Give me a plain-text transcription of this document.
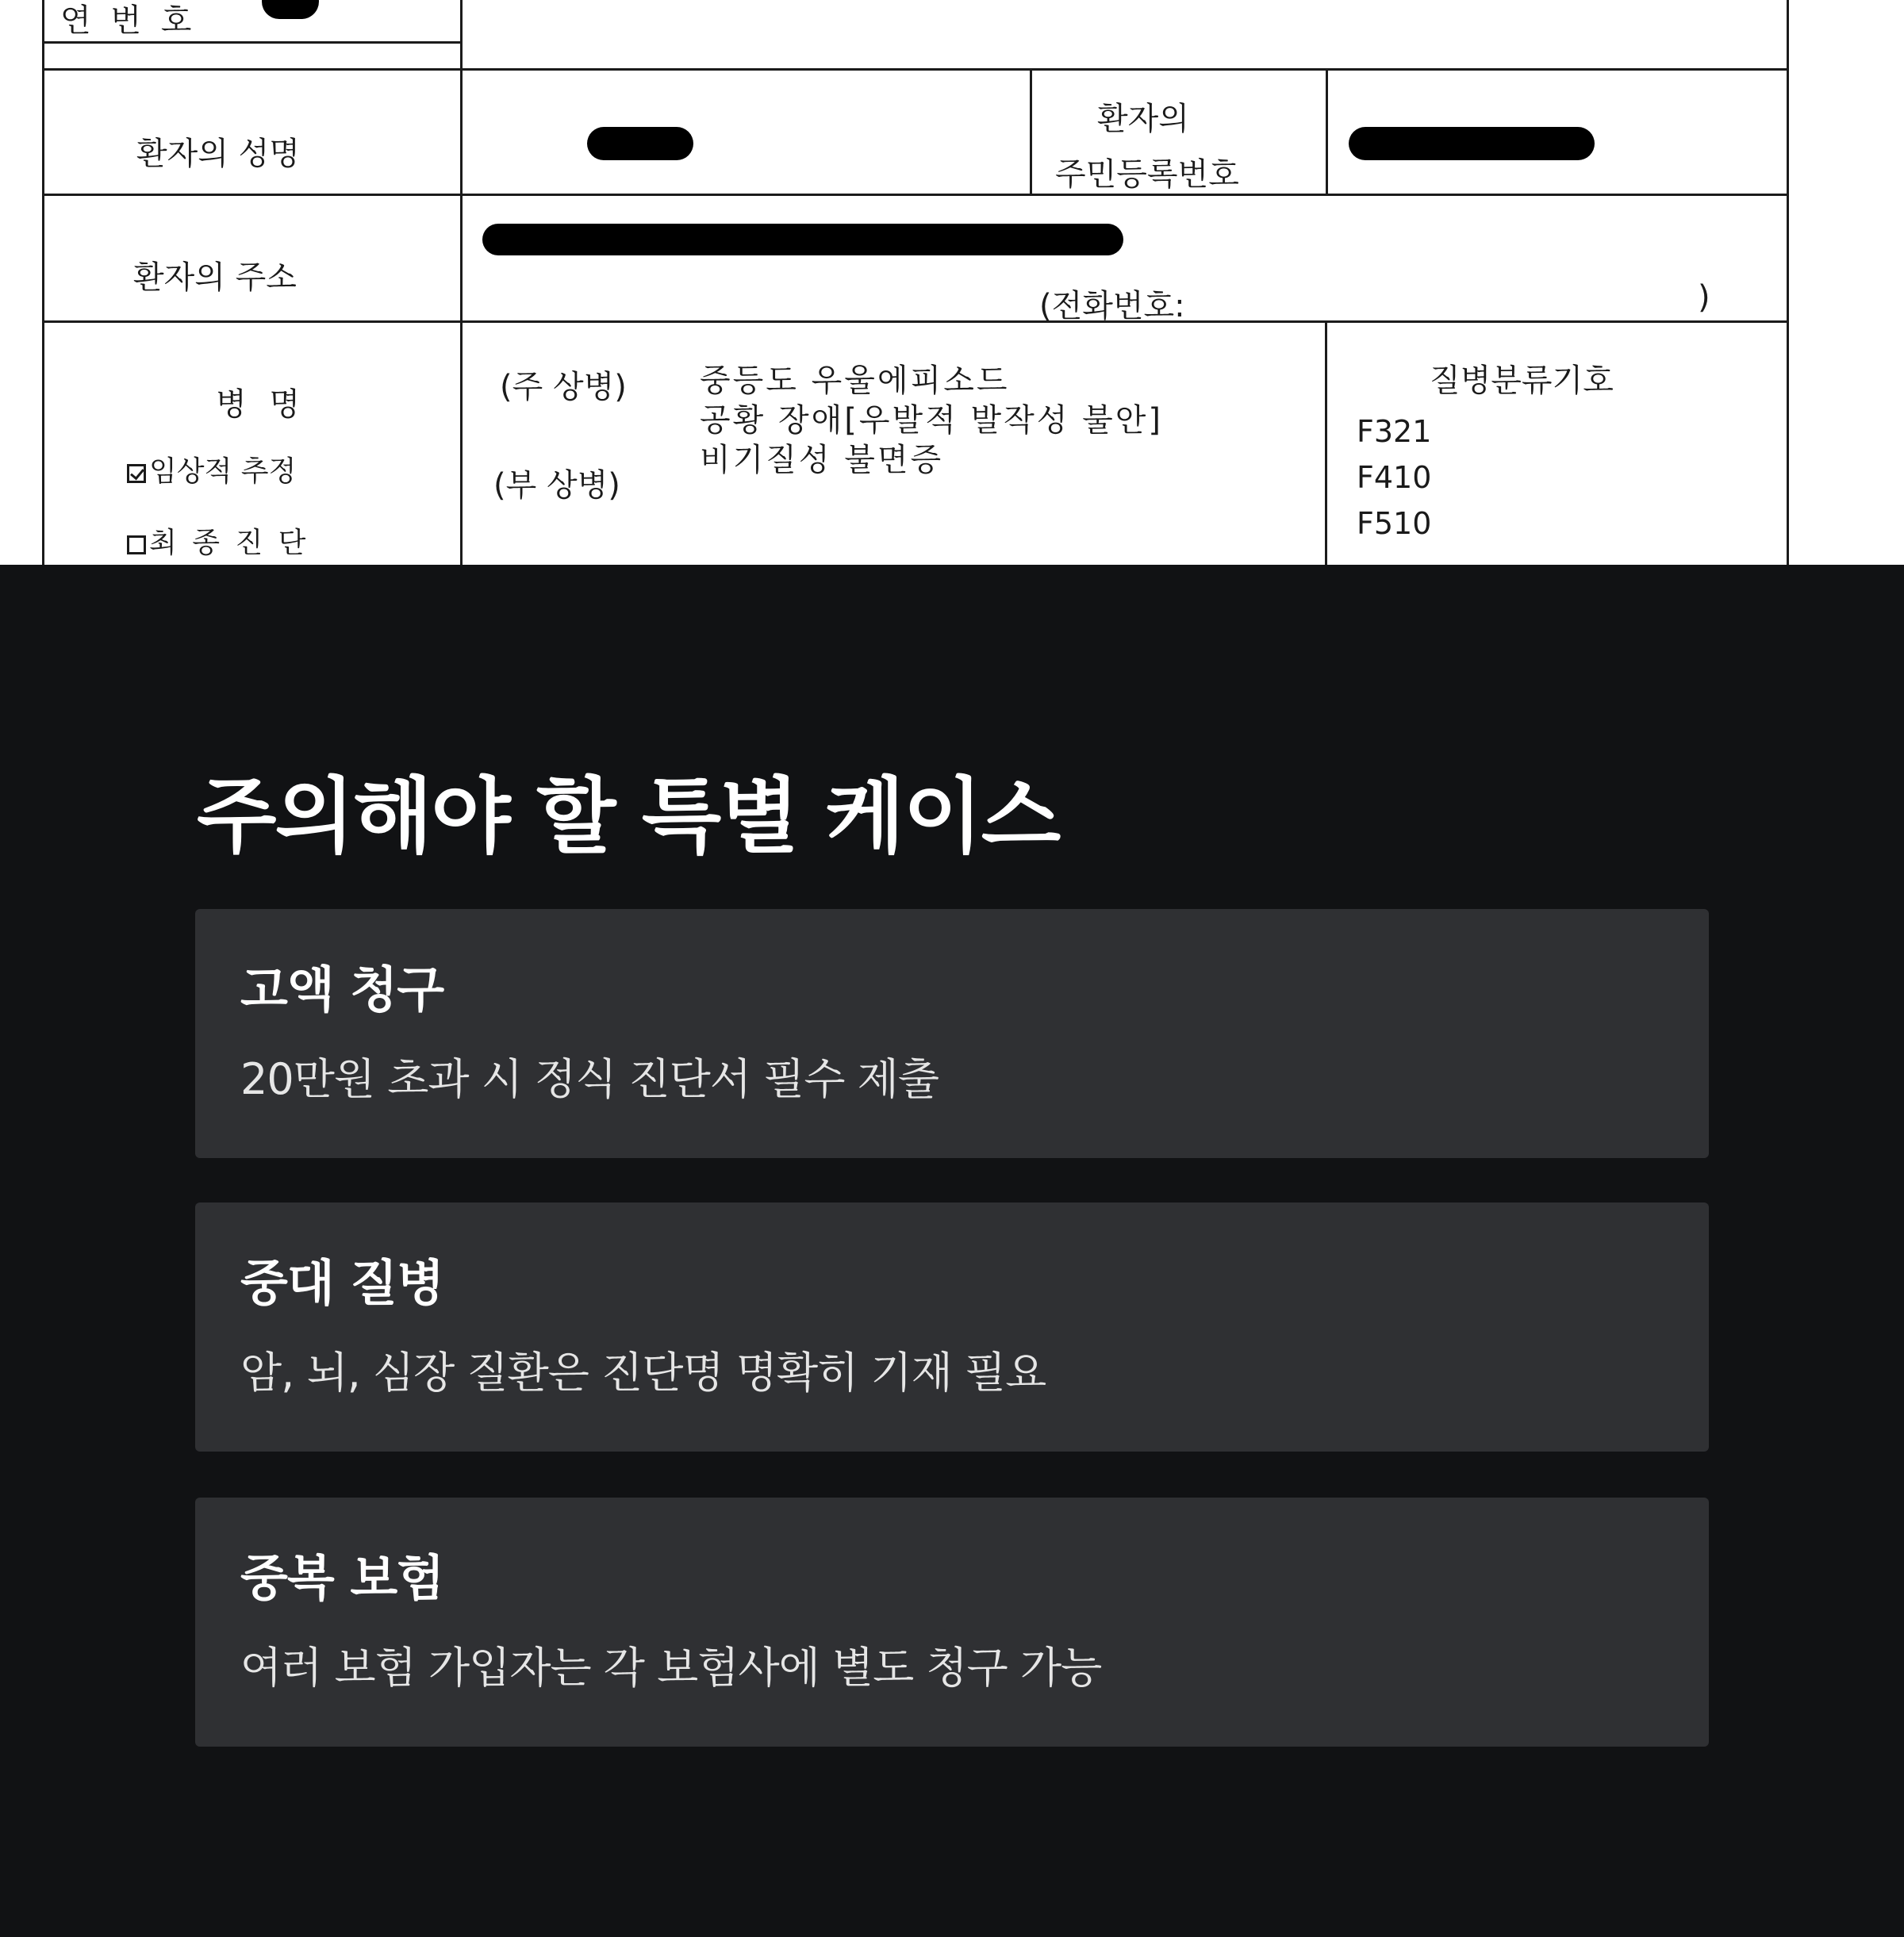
연 번 호
환자의 성명
환자의
주민등록번호
환자의 주소
(전화번호:	)
병 명
임상적 추정
최 종 진 단
(주 상병)
(부 상병)
중등도 우울에피소드
공황 장애[우발적 발작성 불안]
비기질성 불면증
질병분류기호
F321
F410
F510
주의해야 할 특별 케이스
고액 청구

20만원 초과 시 정식 진단서 필수 제출

중대 질병

암, 뇌, 심장 질환은 진단명 명확히 기재 필요

중복 보험

여러 보험 가입자는 각 보험사에 별도 청구 가능
